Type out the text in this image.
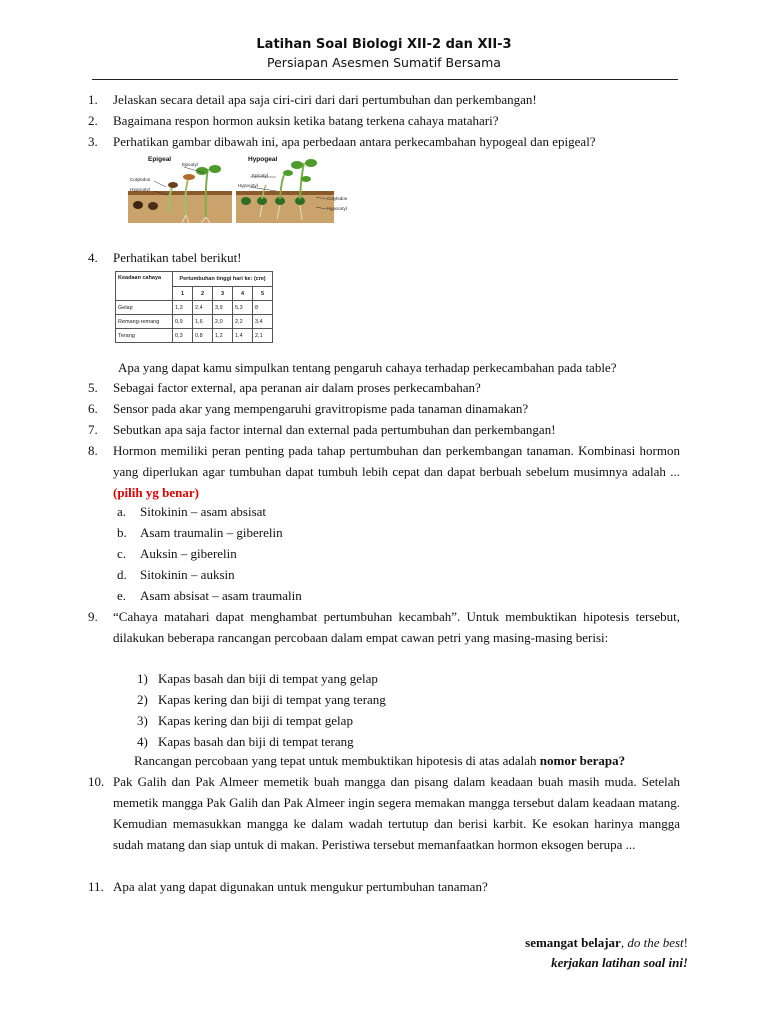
Latihan Soal Biologi XII-2 dan XII-3
Persiapan Asesmen Sumatif Bersama
1.	Jelaskan secara detail apa saja ciri-ciri dari dari pertumbuhan dan perkembangan!
2.	Bagaimana respon hormon auksin ketika batang terkena cahaya matahari?
3.	Perhatikan gambar dibawah ini, apa perbedaan antara perkecambahan hypogeal dan epigeal?
Epigeal	Hypogeal
Epicotyl
Cotyledon
Hypocotyl
Epicotyl
Hypocotyl
Cotyledon
Hypocotyl
4.	Perhatikan tabel berikut!
Keadaan cahaya	Pertumbuhan tinggi hari ke: (cm)				
	1	2	3	4	5
Gelap	1,3	2,4	3,9	5,3	8
Remang-remang	0,9	1,6	2,0	2,2	3,4
Terang	0,3	0,8	1,2	1,4	2,1
Apa yang dapat kamu simpulkan tentang pengaruh cahaya terhadap perkecambahan pada table?
5.	Sebagai factor external, apa peranan air dalam proses perkecambahan?
6.	Sensor pada akar yang mempengaruhi gravitropisme pada tanaman dinamakan?
7.	Sebutkan apa saja factor internal dan external pada pertumbuhan dan perkembangan!
8.	Hormon memiliki peran penting pada tahap pertumbuhan dan perkembangan tanaman. Kombinasi hormon yang diperlukan agar tumbuhan dapat tumbuh lebih cepat dan dapat berbuah sebelum musimnya adalah ... (pilih yg benar)
a. Sitokinin – asam absisat
b. Asam traumalin – giberelin
c. Auksin – giberelin
d. Sitokinin – auksin
e. Asam absisat – asam traumalin
9.	“Cahaya matahari dapat menghambat pertumbuhan kecambah”. Untuk membuktikan hipotesis tersebut, dilakukan beberapa rancangan percobaan dalam empat cawan petri yang masing-masing berisi:
1) Kapas basah dan biji di tempat yang gelap
2) Kapas kering dan biji di tempat yang terang
3) Kapas kering dan biji di tempat gelap
4) Kapas basah dan biji di tempat terang
Rancangan percobaan yang tepat untuk membuktikan hipotesis di atas adalah nomor berapa?
10. Pak Galih dan Pak Almeer memetik buah mangga dan pisang dalam keadaan buah masih muda. Setelah memetik mangga Pak Galih dan Pak Almeer ingin segera memakan mangga tersebut dalam keadaan matang. Kemudian memasukkan mangga ke dalam wadah tertutup dan berisi karbit. Ke esokan harinya mangga sudah matang dan siap untuk di makan. Peristiwa tersebut memanfaatkan hormon eksogen berupa ...
11. Apa alat yang dapat digunakan untuk mengukur pertumbuhan tanaman?
semangat belajar, do the best!
kerjakan latihan soal ini!
